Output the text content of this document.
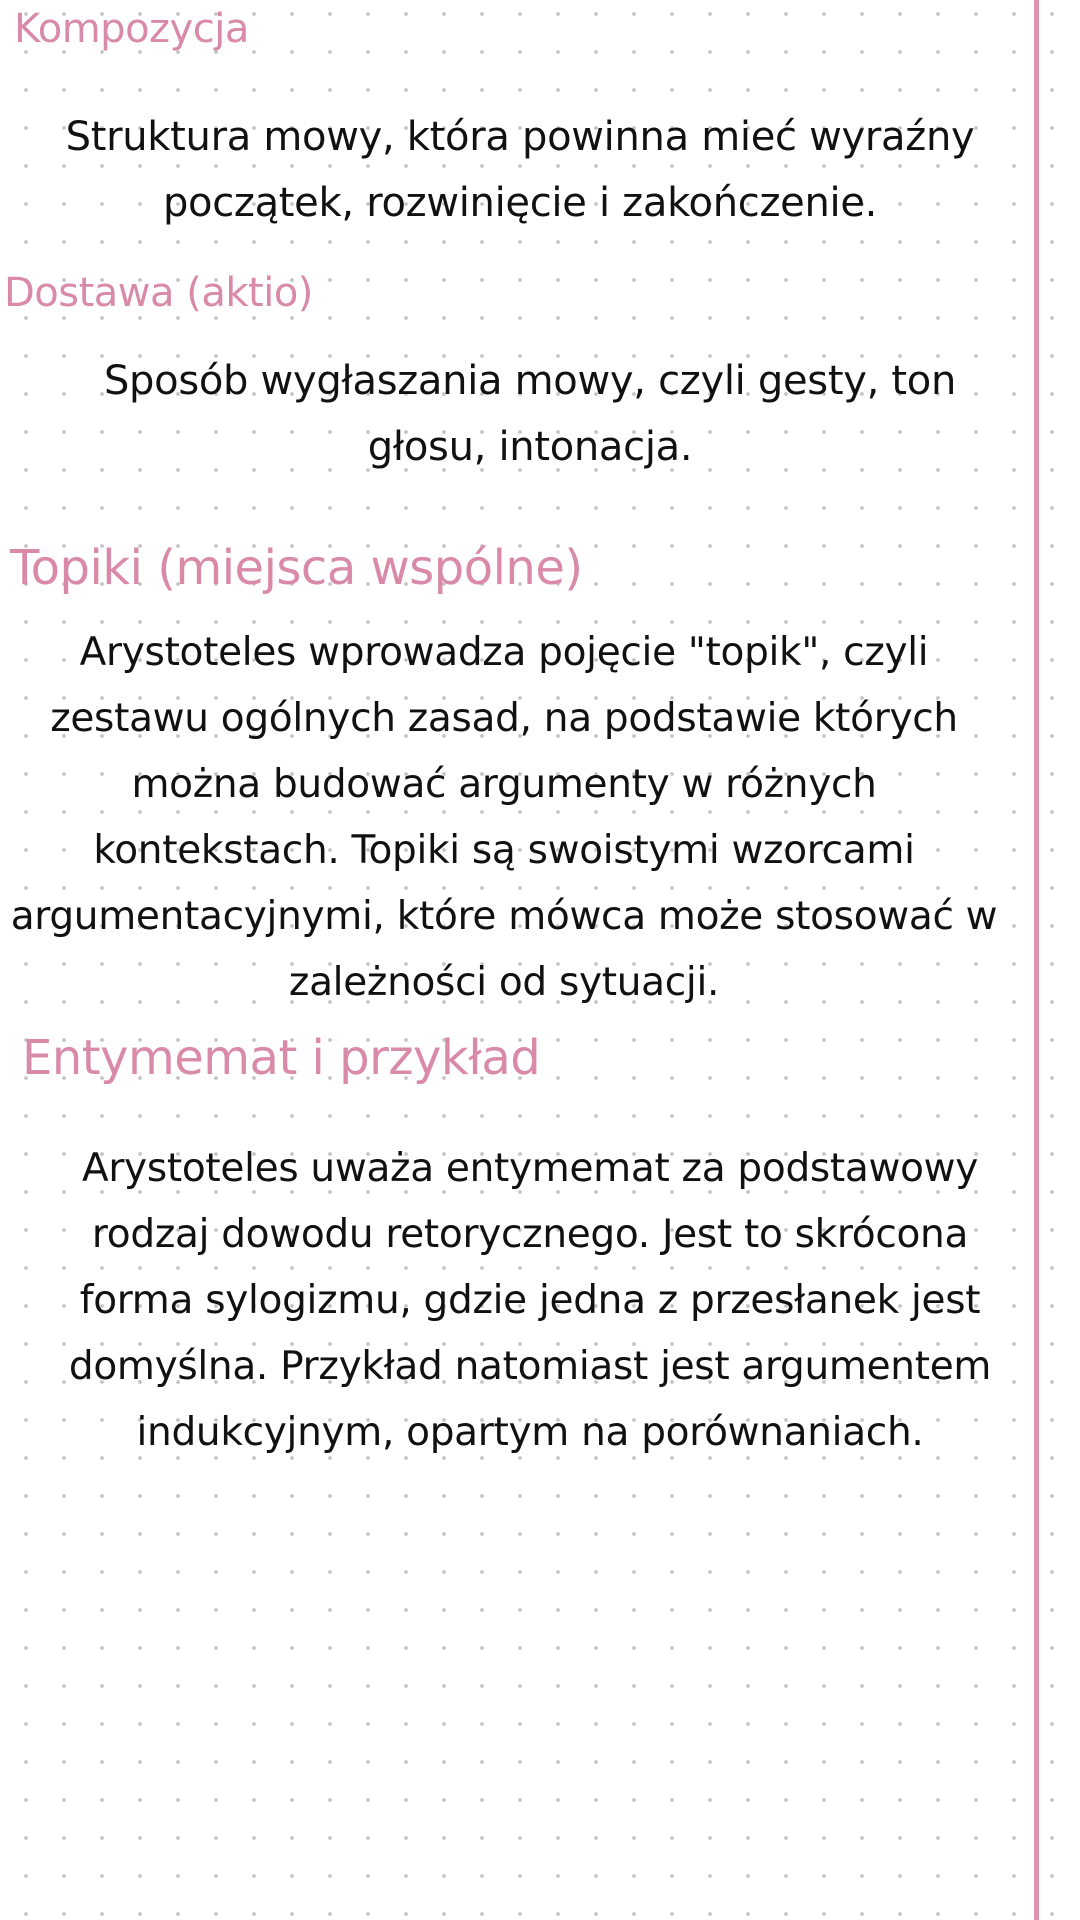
Kompozycja

Struktura mowy, która powinna mieć wyraźny początek, rozwinięcie i zakończenie.

Dostawa (aktio)

Sposób wygłaszania mowy, czyli gesty, ton głosu, intonacja.

Topiki (miejsca wspólne)

Arystoteles wprowadza pojęcie "topik", czyli zestawu ogólnych zasad, na podstawie których można budować argumenty w różnych kontekstach. Topiki są swoistymi wzorcami argumentacyjnymi, które mówca może stosować w zależności od sytuacji.

Entymemat i przykład

Arystoteles uważa entymemat za podstawowy rodzaj dowodu retorycznego. Jest to skrócona forma sylogizmu, gdzie jedna z przesłanek jest domyślna. Przykład natomiast jest argumentem indukcyjnym, opartym na porównaniach.
